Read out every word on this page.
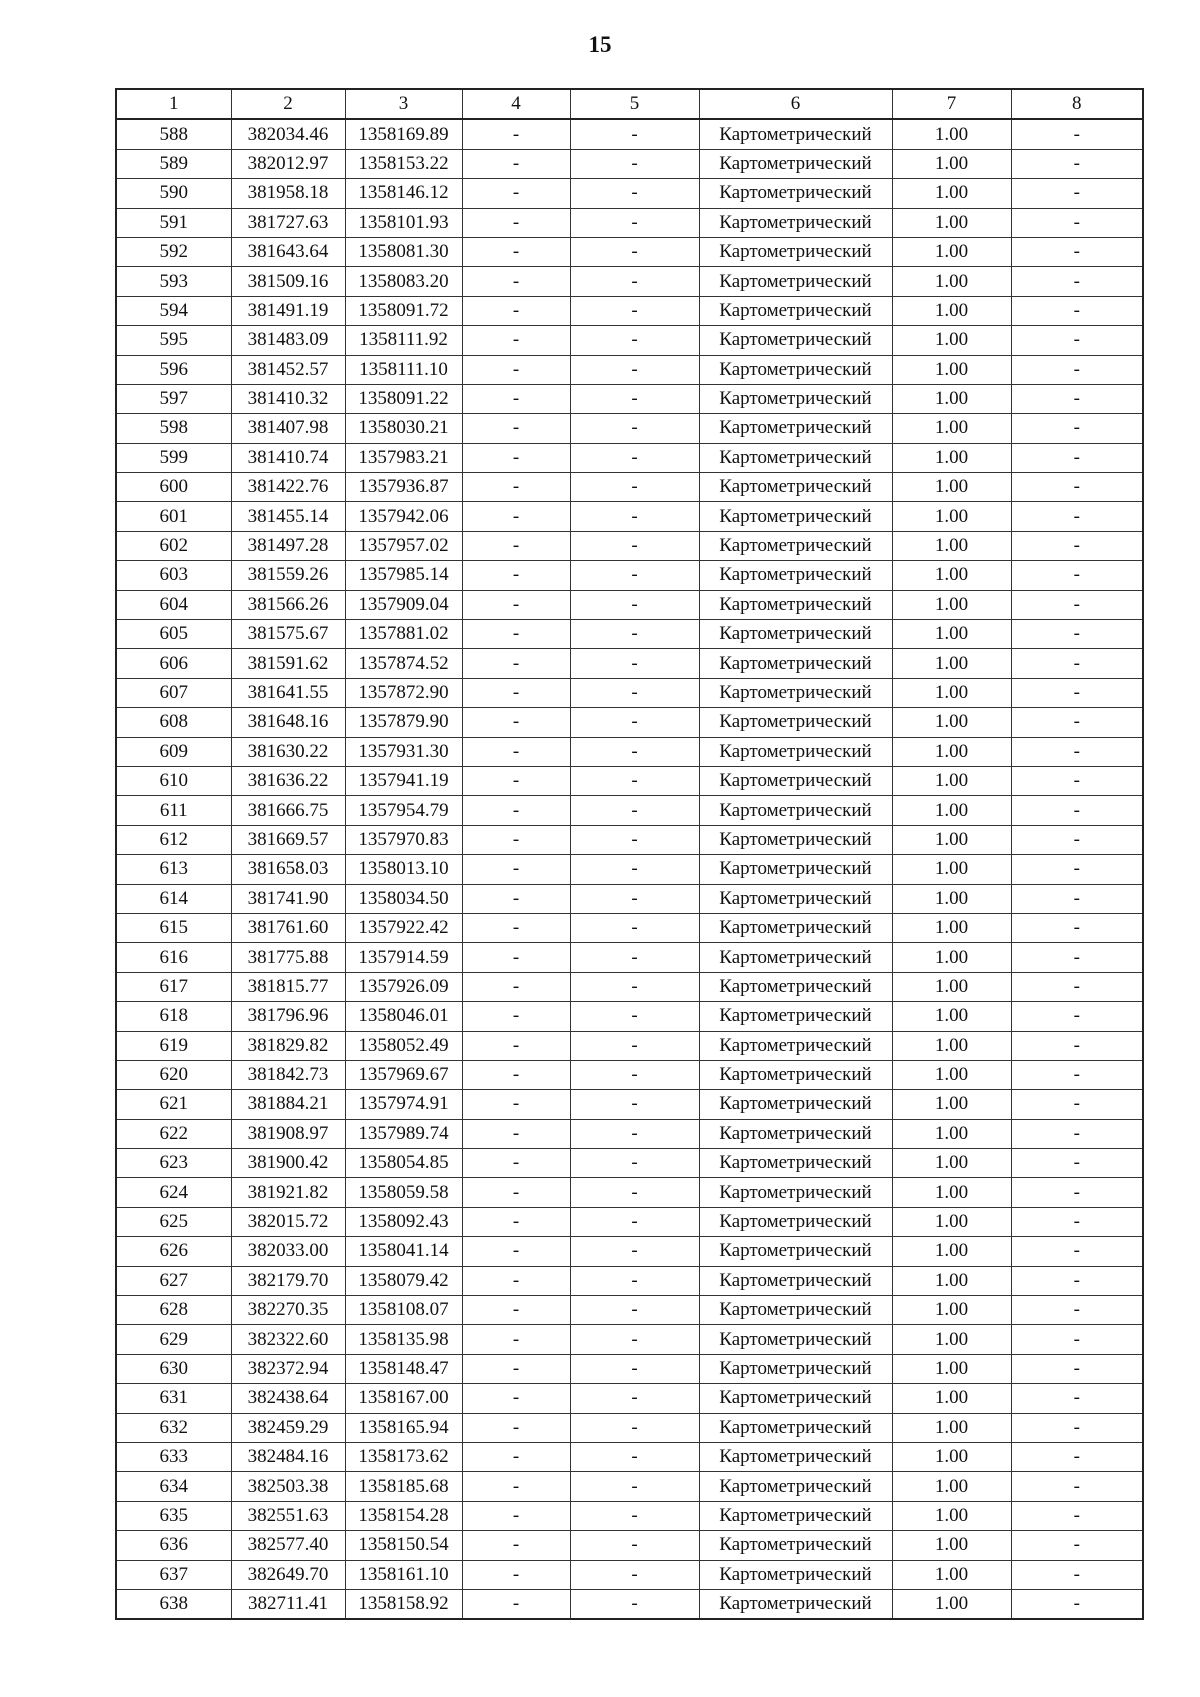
15
1	2	3	4	5	6	7	8
588	382034.46	1358169.89	-	-	Картометрический	1.00	-
589	382012.97	1358153.22	-	-	Картометрический	1.00	-
590	381958.18	1358146.12	-	-	Картометрический	1.00	-
591	381727.63	1358101.93	-	-	Картометрический	1.00	-
592	381643.64	1358081.30	-	-	Картометрический	1.00	-
593	381509.16	1358083.20	-	-	Картометрический	1.00	-
594	381491.19	1358091.72	-	-	Картометрический	1.00	-
595	381483.09	1358111.92	-	-	Картометрический	1.00	-
596	381452.57	1358111.10	-	-	Картометрический	1.00	-
597	381410.32	1358091.22	-	-	Картометрический	1.00	-
598	381407.98	1358030.21	-	-	Картометрический	1.00	-
599	381410.74	1357983.21	-	-	Картометрический	1.00	-
600	381422.76	1357936.87	-	-	Картометрический	1.00	-
601	381455.14	1357942.06	-	-	Картометрический	1.00	-
602	381497.28	1357957.02	-	-	Картометрический	1.00	-
603	381559.26	1357985.14	-	-	Картометрический	1.00	-
604	381566.26	1357909.04	-	-	Картометрический	1.00	-
605	381575.67	1357881.02	-	-	Картометрический	1.00	-
606	381591.62	1357874.52	-	-	Картометрический	1.00	-
607	381641.55	1357872.90	-	-	Картометрический	1.00	-
608	381648.16	1357879.90	-	-	Картометрический	1.00	-
609	381630.22	1357931.30	-	-	Картометрический	1.00	-
610	381636.22	1357941.19	-	-	Картометрический	1.00	-
611	381666.75	1357954.79	-	-	Картометрический	1.00	-
612	381669.57	1357970.83	-	-	Картометрический	1.00	-
613	381658.03	1358013.10	-	-	Картометрический	1.00	-
614	381741.90	1358034.50	-	-	Картометрический	1.00	-
615	381761.60	1357922.42	-	-	Картометрический	1.00	-
616	381775.88	1357914.59	-	-	Картометрический	1.00	-
617	381815.77	1357926.09	-	-	Картометрический	1.00	-
618	381796.96	1358046.01	-	-	Картометрический	1.00	-
619	381829.82	1358052.49	-	-	Картометрический	1.00	-
620	381842.73	1357969.67	-	-	Картометрический	1.00	-
621	381884.21	1357974.91	-	-	Картометрический	1.00	-
622	381908.97	1357989.74	-	-	Картометрический	1.00	-
623	381900.42	1358054.85	-	-	Картометрический	1.00	-
624	381921.82	1358059.58	-	-	Картометрический	1.00	-
625	382015.72	1358092.43	-	-	Картометрический	1.00	-
626	382033.00	1358041.14	-	-	Картометрический	1.00	-
627	382179.70	1358079.42	-	-	Картометрический	1.00	-
628	382270.35	1358108.07	-	-	Картометрический	1.00	-
629	382322.60	1358135.98	-	-	Картометрический	1.00	-
630	382372.94	1358148.47	-	-	Картометрический	1.00	-
631	382438.64	1358167.00	-	-	Картометрический	1.00	-
632	382459.29	1358165.94	-	-	Картометрический	1.00	-
633	382484.16	1358173.62	-	-	Картометрический	1.00	-
634	382503.38	1358185.68	-	-	Картометрический	1.00	-
635	382551.63	1358154.28	-	-	Картометрический	1.00	-
636	382577.40	1358150.54	-	-	Картометрический	1.00	-
637	382649.70	1358161.10	-	-	Картометрический	1.00	-
638	382711.41	1358158.92	-	-	Картометрический	1.00	-
